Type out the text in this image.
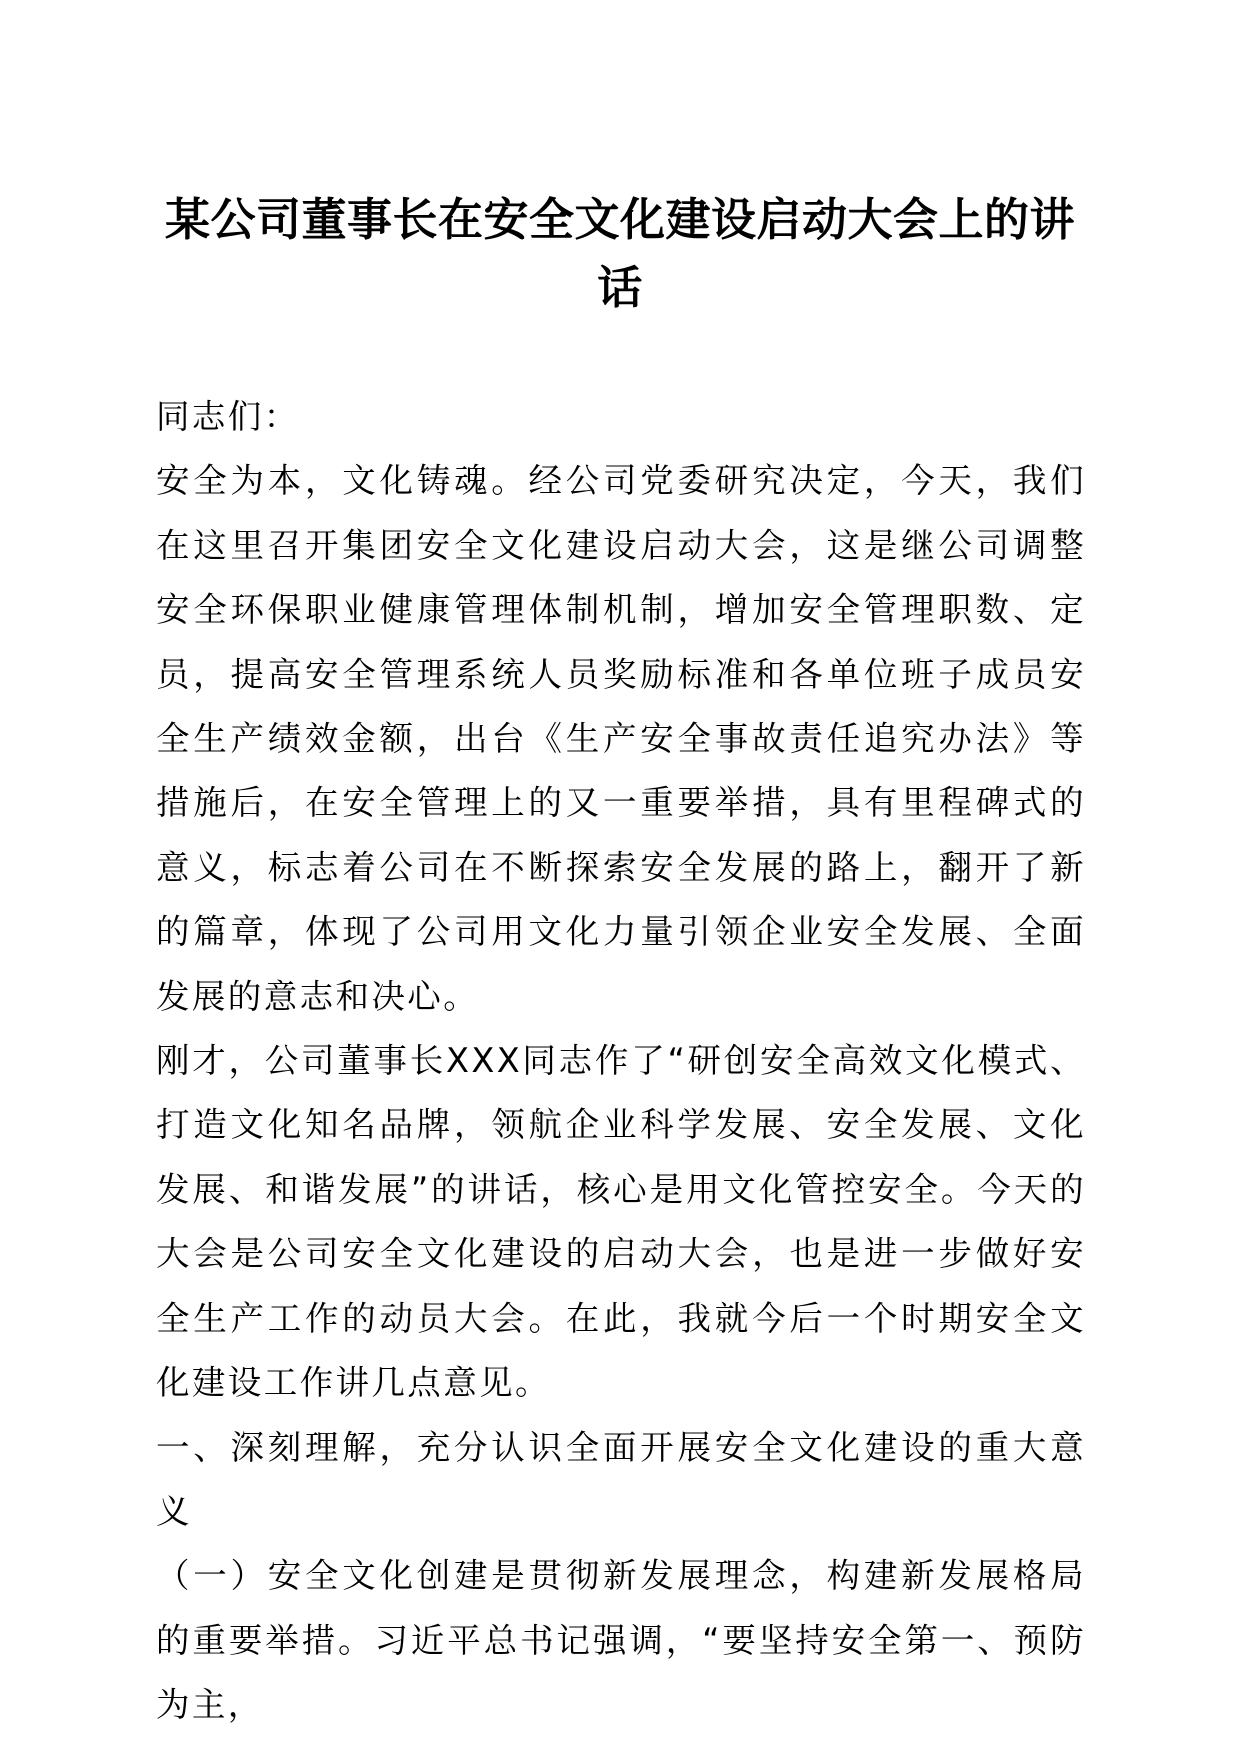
某公司董事长在安全文化建设启动大会上的讲话

同志们：

安全为本，文化铸魂。经公司党委研究决定，今天，我们在这里召开集团安全文化建设启动大会，这是继公司调整安全环保职业健康管理体制机制，增加安全管理职数、定员，提高安全管理系统人员奖励标准和各单位班子成员安全生产绩效金额，出台《生产安全事故责任追究办法》等措施后，在安全管理上的又一重要举措，具有里程碑式的意义，标志着公司在不断探索安全发展的路上，翻开了新的篇章，体现了公司用文化力量引领企业安全发展、全面发展的意志和决心。

刚才，公司董事长XXX同志作了“研创安全高效文化模式、打造文化知名品牌，领航企业科学发展、安全发展、文化发展、和谐发展”的讲话，核心是用文化管控安全。今天的大会是公司安全文化建设的启动大会，也是进一步做好安全生产工作的动员大会。在此，我就今后一个时期安全文化建设工作讲几点意见。

一、深刻理解，充分认识全面开展安全文化建设的重大意义

（一）安全文化创建是贯彻新发展理念，构建新发展格局的重要举措。习近平总书记强调，“要坚持安全第一、预防为主，
